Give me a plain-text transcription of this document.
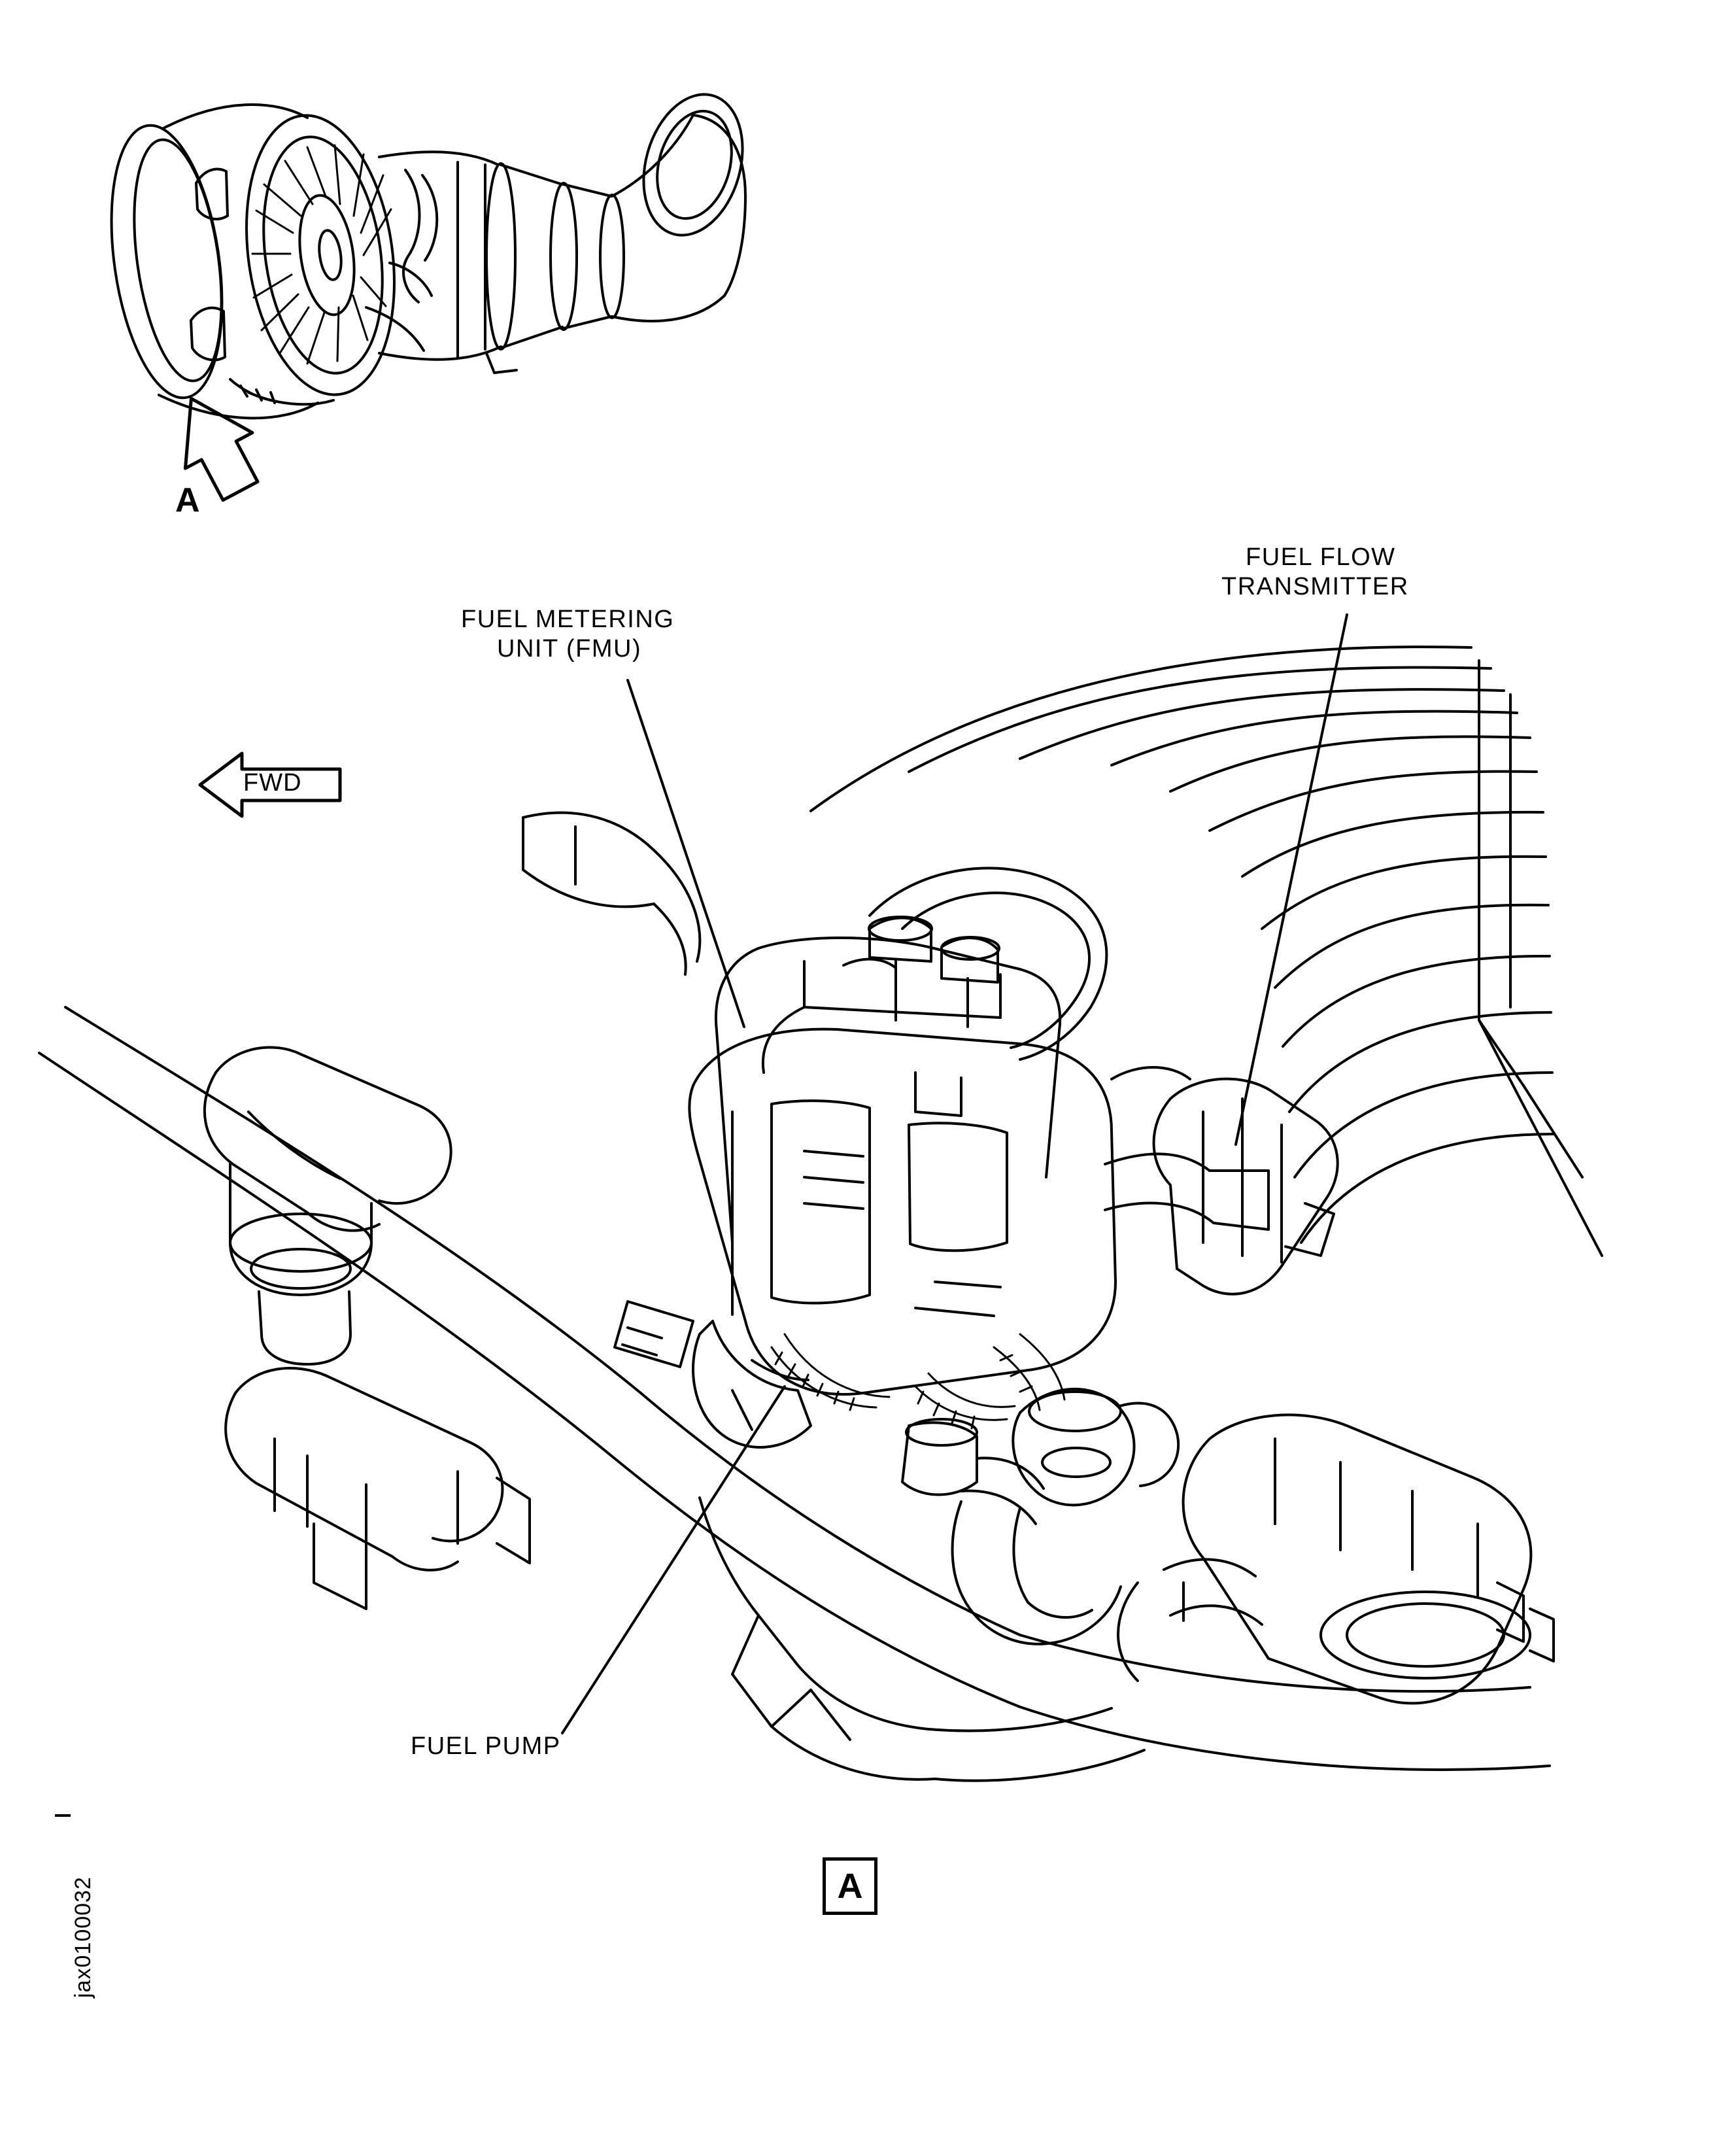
A
FUEL METERING
UNIT (FMU)
FUEL FLOW
TRANSMITTER
FUEL PUMP
FWD
A
jax0100032
